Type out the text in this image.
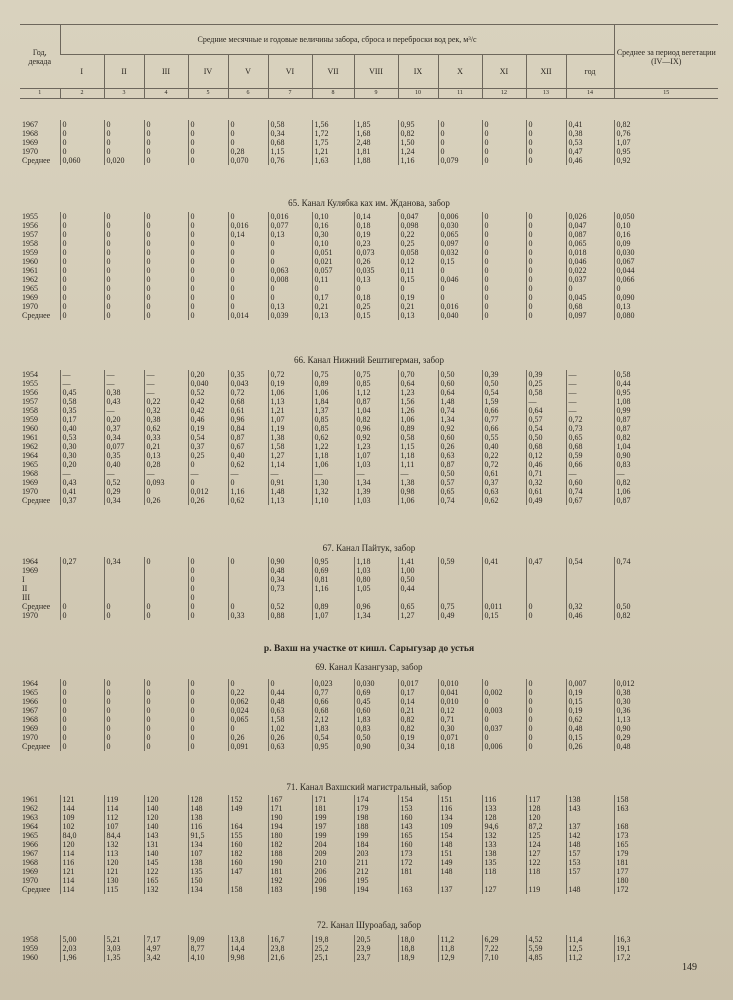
Год, декада	Средние месячные и годовые величины забора, сброса и переброски вод рек, м³/с													Среднее за период вегетации (IV—IX)
	I	II	III	IV	V	VI	VII	VIII	IX	X	XI	XII	год	
1	2	3	4	5	6	7	8	9	10	11	12	13	14	15
1967	0	0	0	0	0	0,58	1,56	1,85	0,95	0	0	0	0,41	0,82
1968	0	0	0	0	0	0,34	1,72	1,68	0,82	0	0	0	0,38	0,76
1969	0	0	0	0	0	0,68	1,75	2,48	1,50	0	0	0	0,53	1,07
1970	0	0	0	0	0,28	1,15	1,21	1,81	1,24	0	0	0	0,47	0,95
Среднее	0,060	0,020	0	0	0,070	0,76	1,63	1,88	1,16	0,079	0	0	0,46	0,92
1955	0	0	0	0	0	0,016	0,10	0,14	0,047	0,006	0	0	0,026	0,050
1956	0	0	0	0	0,016	0,077	0,16	0,18	0,098	0,030	0	0	0,047	0,10
1957	0	0	0	0	0,14	0,13	0,30	0,19	0,22	0,065	0	0	0,087	0,16
1958	0	0	0	0	0	0	0,10	0,23	0,25	0,097	0	0	0,065	0,09
1959	0	0	0	0	0	0	0,051	0,073	0,058	0,032	0	0	0,018	0,030
1960	0	0	0	0	0	0	0,021	0,26	0,12	0,15	0	0	0,046	0,067
1961	0	0	0	0	0	0,063	0,057	0,035	0,11	0	0	0	0,022	0,044
1962	0	0	0	0	0	0,008	0,11	0,13	0,15	0,046	0	0	0,037	0,066
1965	0	0	0	0	0	0	0	0	0	0	0	0	0	0
1969	0	0	0	0	0	0	0,17	0,18	0,19	0	0	0	0,045	0,090
1970	0	0	0	0	0	0,13	0,21	0,25	0,21	0,016	0	0	0,68	0,13
Среднее	0	0	0	0	0,014	0,039	0,13	0,15	0,13	0,040	0	0	0,097	0,080
1954	—	—	—	0,20	0,35	0,72	0,75	0,75	0,70	0,50	0,39	0,39	—	0,58
1955	—	—	—	0,040	0,043	0,19	0,89	0,85	0,64	0,60	0,50	0,25	—	0,44
1956	0,45	0,38	—	0,52	0,72	1,06	1,06	1,12	1,23	0,64	0,54	0,58	—	0,95
1957	0,58	0,43	0,22	0,42	0,68	1,13	1,84	0,87	1,56	1,48	1,59	—	—	1,08
1958	0,35	—	0,32	0,42	0,61	1,21	1,37	1,04	1,26	0,74	0,66	0,64	—	0,99
1959	0,17	0,20	0,38	0,46	0,96	1,07	0,85	0,82	1,06	1,34	0,77	0,57	0,72	0,87
1960	0,40	0,37	0,62	0,19	0,84	1,19	0,85	0,96	0,89	0,92	0,66	0,54	0,73	0,87
1961	0,53	0,34	0,33	0,54	0,87	1,38	0,62	0,92	0,58	0,60	0,55	0,50	0,65	0,82
1962	0,30	0,077	0,21	0,37	0,67	1,58	1,22	1,23	1,15	0,26	0,40	0,68	0,68	1,04
1964	0,30	0,35	0,13	0,25	0,40	1,27	1,18	1,07	1,18	0,63	0,22	0,12	0,59	0,90
1965	0,20	0,40	0,28	0	0,62	1,14	1,06	1,03	1,11	0,87	0,72	0,46	0,66	0,83
1968	—	—	—	—	—	—	—	—	—	0,50	0,61	0,71	—	—
1969	0,43	0,52	0,093	0	0	0,91	1,30	1,34	1,38	0,57	0,37	0,32	0,60	0,82
1970	0,41	0,29	0	0,012	1,16	1,48	1,32	1,39	0,98	0,65	0,63	0,61	0,74	1,06
Среднее	0,37	0,34	0,26	0,26	0,62	1,13	1,10	1,03	1,06	0,74	0,62	0,49	0,67	0,87
1964	0,27	0,34	0	0	0	0,90	0,95	1,18	1,41	0,59	0,41	0,47	0,54	0,74
1969				0		0,48	0,69	1,03	1,00					
I				0		0,34	0,81	0,80	0,50					
II				0		0,73	1,16	1,05	0,44					
III				0										
Среднее	0	0	0	0	0	0,52	0,89	0,96	0,65	0,75	0,011	0	0,32	0,50
1970	0	0	0	0	0,33	0,88	1,07	1,34	1,27	0,49	0,15	0	0,46	0,82
1964	0	0	0	0	0	0	0,023	0,030	0,017	0,010	0	0	0,007	0,012
1965	0	0	0	0	0,22	0,44	0,77	0,69	0,17	0,041	0,002	0	0,19	0,38
1966	0	0	0	0	0,062	0,48	0,66	0,45	0,14	0,010	0	0	0,15	0,30
1967	0	0	0	0	0,024	0,63	0,68	0,60	0,21	0,12	0,003	0	0,19	0,36
1968	0	0	0	0	0,065	1,58	2,12	1,83	0,82	0,71	0	0	0,62	1,13
1969	0	0	0	0	0	1,02	1,83	0,83	0,82	0,30	0,037	0	0,48	0,90
1970	0	0	0	0	0,26	0,26	0,54	0,50	0,19	0,071	0	0	0,15	0,29
Среднее	0	0	0	0	0,091	0,63	0,95	0,90	0,34	0,18	0,006	0	0,26	0,48
1961	121	119	120	128	152	167	171	174	154	151	116	117	138	158
1962	144	114	140	148	149	171	181	179	153	116	133	128	143	163
1963	109	112	120	138		190	199	198	160	134	128	120		
1964	102	107	140	116	164	194	197	188	143	109	94,6	87,2	137	168
1965	84,0	84,4	143	91,5	155	180	199	199	165	154	132	125	142	173
1966	120	132	131	134	160	182	204	184	160	148	133	124	148	165
1967	114	113	140	107	182	188	209	203	173	151	138	127	157	179
1968	116	120	145	138	160	190	210	211	172	149	135	122	153	181
1969	121	121	122	135	147	181	206	212	181	148	118	118	157	177
1970	114	130	165	150		192	206	195						180
Среднее	114	115	132	134	158	183	198	194	163	137	127	119	148	172
1958	5,00	5,21	7,17	9,09	13,8	16,7	19,8	20,5	18,0	11,2	6,29	4,52	11,4	16,3
1959	2,03	3,03	4,97	8,77	14,4	23,8	25,2	23,9	18,8	11,8	7,22	5,59	12,5	19,1
1960	1,96	1,35	3,42	4,10	9,98	21,6	25,1	23,7	18,9	12,9	7,10	4,85	11,2	17,2
149
65. Канал Кулябка ках им. Жданова, забор
66. Канал Нижний Бештигерман, забор
67. Канал Пайтук, забор
р. Вахш на участке от кишл. Сарыгузар до устья
69. Канал Казангузар, забор
71. Канал Вахшский магистральный, забор
72. Канал Шуроабад, забор
